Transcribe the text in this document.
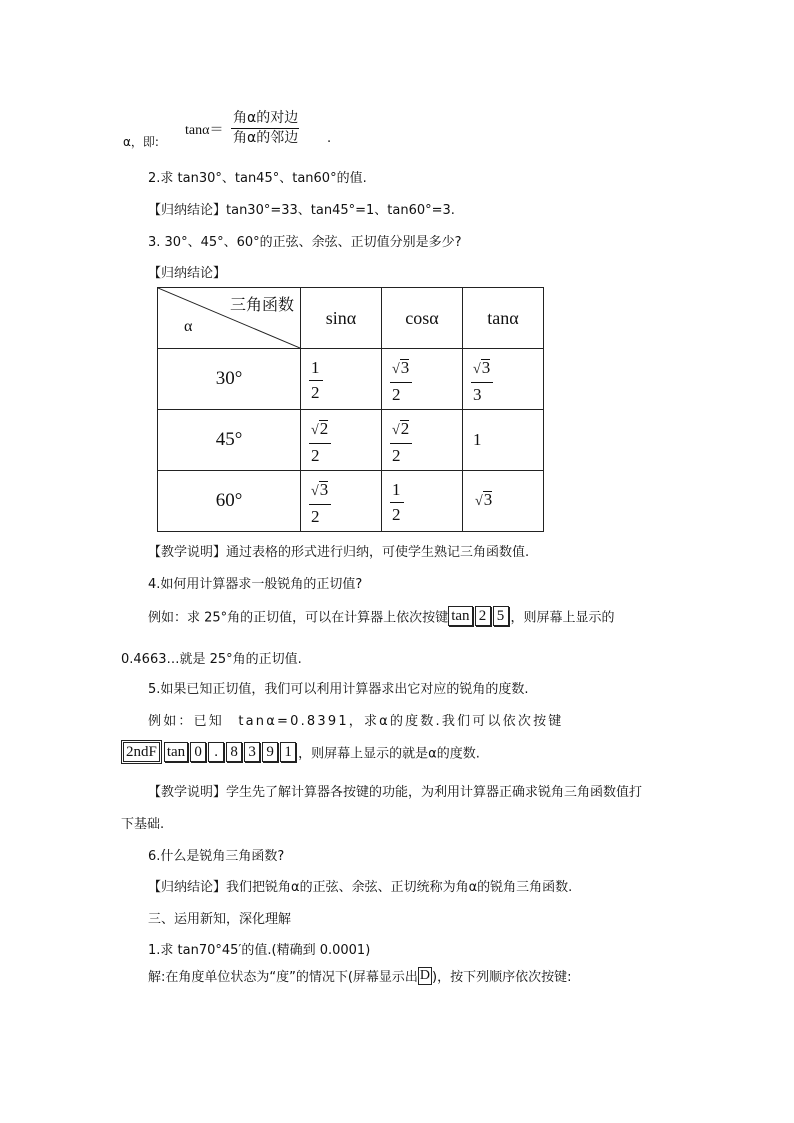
α，即:
tanα＝
角α的对边
角α的邻边 .
2.求 tan30°、tan45°、tan60°的值.
【归纳结论】tan30°=33、tan45°=1、tan60°=3.
3. 30°、45°、60°的正弦、余弦、正切值分别是多少?
【归纳结论】
三角函数
α	sinα	cosα	tanα

30°	$\frac{1}{2}$	$\frac{√3}{2}$	$\frac{√3}{3}$

45°	$\frac{√2}{2}$	$\frac{√2}{2}$	1

60°	$\frac{√3}{2}$	$\frac{1}{2}$	√3
【教学说明】通过表格的形式进行归纳，可使学生熟记三角函数值.
4.如何用计算器求一般锐角的正切值?
例如：求 25°角的正切值，可以在计算器上依次按键 tan 2 5 ，则屏幕上显示的
0.4663…就是 25°角的正切值.
5.如果已知正切值，我们可以利用计算器求出它对应的锐角的度数.
例如：已知 tanα=0.8391，求α的度数.我们可以依次按键
2ndF tan 0 . 8 3 9 1 ，则屏幕上显示的就是α的度数.
【教学说明】学生先了解计算器各按键的功能，为利用计算器正确求锐角三角函数值打
下基础.
6.什么是锐角三角函数?
【归纳结论】我们把锐角α的正弦、余弦、正切统称为角α的锐角三角函数.
三、运用新知，深化理解
1.求 tan70°45′的值.(精确到 0.0001)
解:在角度单位状态为“度”的情况下(屏幕显示出 D )，按下列顺序依次按键:
